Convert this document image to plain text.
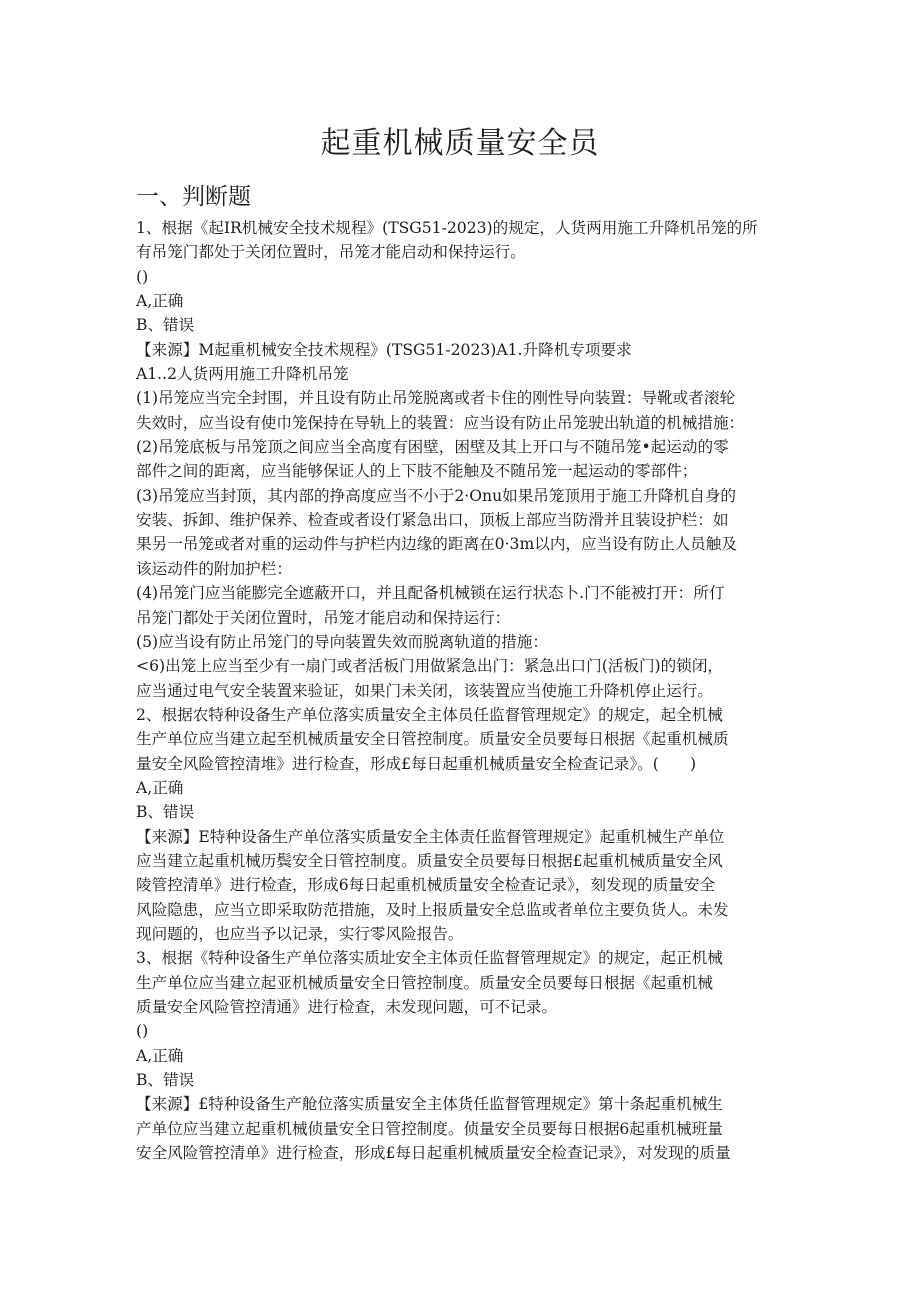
起重机械质量安全员
一、判断题
1、根据《起IR机械安全技术规程》(TSG51-2023)的规定，人货两用施工升降机吊笼的所
有吊笼门都处于关闭位置时，吊笼才能启动和保持运行。
()
A,正确
B、错误
【来源】M起重机械安全技术规程》(TSG51-2023)A1.升降机专项要求
A1..2人货两用施工升降机吊笼
(1)吊笼应当完全封围，并且设有防止吊笼脱离或者卡住的刚性导向装置：导靴或者滚轮
失效时，应当设有使巾笼保持在导轨上的装置：应当设有防止吊笼驶出轨道的机械措施：
(2)吊笼底板与吊笼顶之间应当全高度有困壁，困壁及其上开口与不随吊笼•起运动的零
部件之间的距离，应当能够保证人的上下肢不能触及不随吊笼一起运动的零部件；
(3)吊笼应当封顶，其内部的挣高度应当不小于2·Onu如果吊笼顶用于施工升降机自身的
安装、拆卸、维护保养、检查或者设仃紧急出口，顶板上部应当防滑并且装设护栏：如
果另一吊笼或者对重的运动件与护栏内边缘的距离在0·3m以内，应当设有防止人员触及
该运动件的附加护栏：
(4)吊笼门应当能膨完全遮蔽开口，并且配备机械锁在运行状态卜.门不能被打开：所仃
吊笼门都处于关闭位置时，吊笼才能启动和保持运行：
(5)应当设有防止吊笼门的导向装置失效而脱离轨道的措施：
<6)出笼上应当至少有一扇门或者活板门用做紧急出门：紧急出口门(活板门)的锁闭，
应当通过电气安全装置来验证，如果门未关闭，该装置应当使施工升降机停止运行。
2、根据农特种设备生产单位落实质量安全主体员任监督管理规定》的规定，起全机械
生产单位应当建立起至机械质量安全日管控制度。质量安全员要每日根据《起重机械质
量安全风险管控清堆》进行检查，形成£每日起重机械质量安全检查记录》。(　　)
A,正确
B、错误
【来源】E特种设备生产单位落实质量安全主体责任监督管理规定》起重机械生产单位
应当建立起重机械历鬓安全日管控制度。质量安全员要每日根据£起重机械质量安全风
陵管控清单》进行检查，形成6每日起重机械质量安全检查记录》，刻发现的质量安全
风险隐患，应当立即采取防范措施，及时上报质量安全总监或者单位主要负货人。未发
现问题的，也应当予以记录，实行零风险报告。
3、根据《特种设备生产单位落实质址安全主体贡任监督管理规定》的规定，起正机械
生产单位应当建立起亚机械质量安全日管控制度。质量安全员要每日根据《起重机械
质量安全风险管控清通》进行检查，未发现问题，可不记录。
()
A,正确
B、错误
【来源】£特种设备生产舱位落实质量安全主体货任监督管理规定》第十条起重机械生
产单位应当建立起重机械侦量安全日管控制度。侦量安全员要每日根据6起重机械班量
安全风险管控清单》进行检查，形成£每日起重机械质量安全检查记录》，对发现的质量
